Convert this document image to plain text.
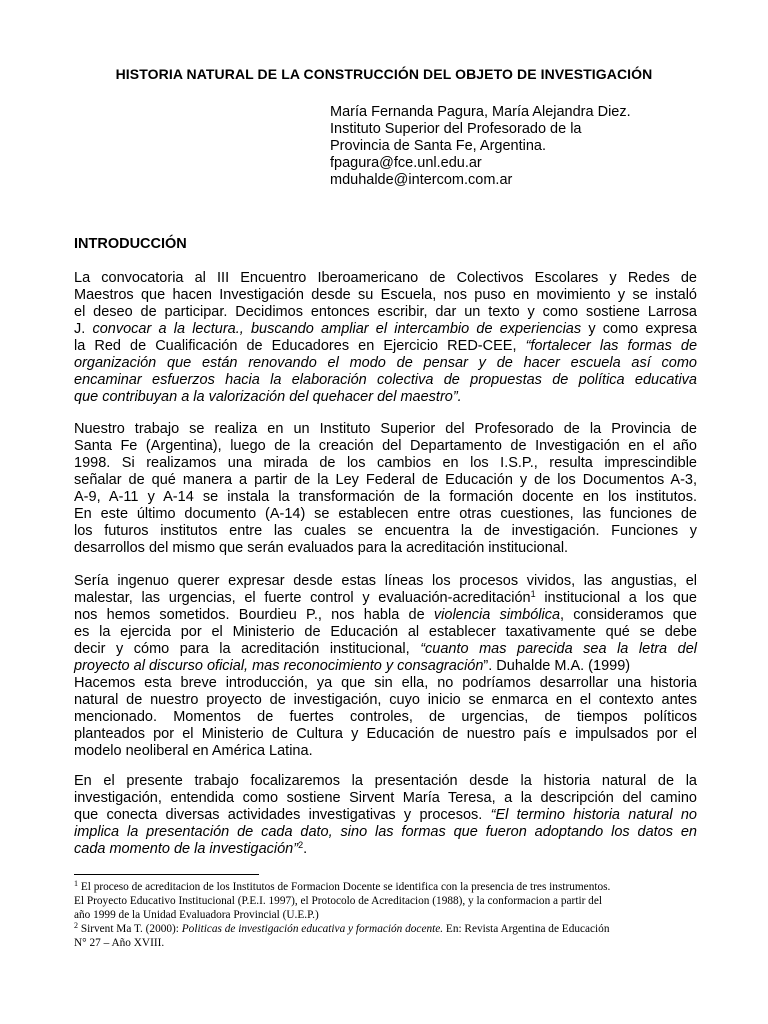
HISTORIA NATURAL DE LA CONSTRUCCIÓN DEL OBJETO DE INVESTIGACIÓN
María Fernanda Pagura, María Alejandra Diez.
Instituto Superior del Profesorado de la
Provincia de Santa Fe, Argentina.
fpagura@fce.unl.edu.ar
mduhalde@intercom.com.ar
INTRODUCCIÓN
La convocatoria al III Encuentro Iberoamericano de Colectivos Escolares y Redes de
Maestros que hacen Investigación desde su Escuela, nos puso en movimiento y se instaló
el deseo de participar. Decidimos entonces escribir, dar un texto y como sostiene Larrosa
J. convocar a la lectura., buscando ampliar el intercambio de experiencias y como expresa
la Red de Cualificación de Educadores en Ejercicio RED-CEE, “fortalecer las formas de
organización que están renovando el modo de pensar y de hacer escuela así como
encaminar esfuerzos hacia la elaboración colectiva de propuestas de política educativa
que contribuyan a la valorización del quehacer del maestro”.
Nuestro trabajo se realiza en un Instituto Superior del Profesorado de la Provincia de
Santa Fe (Argentina), luego de la creación del Departamento de Investigación en el año
1998. Si realizamos una mirada de los cambios en los I.S.P., resulta imprescindible
señalar de qué manera a partir de la Ley Federal de Educación y de los Documentos A-3,
A-9, A-11 y A-14 se instala la transformación de la formación docente en los institutos.
En este último documento (A-14) se establecen entre otras cuestiones, las funciones de
los futuros institutos entre las cuales se encuentra la de investigación. Funciones y
desarrollos del mismo que serán evaluados para la acreditación institucional.
Sería ingenuo querer expresar desde estas líneas los procesos vividos, las angustias, el
malestar, las urgencias, el fuerte control y evaluación-acreditación$^1$ institucional a los que
nos hemos sometidos. Bourdieu P., nos habla de violencia simbólica, consideramos que
es la ejercida por el Ministerio de Educación al establecer taxativamente qué se debe
decir y cómo para la acreditación institucional, “cuanto mas parecida sea la letra del
proyecto al discurso oficial, mas reconocimiento y consagración”. Duhalde M.A. (1999)
Hacemos esta breve introducción, ya que sin ella, no podríamos desarrollar una historia
natural de nuestro proyecto de investigación, cuyo inicio se enmarca en el contexto antes
mencionado. Momentos de fuertes controles, de urgencias, de tiempos políticos
planteados por el Ministerio de Cultura y Educación de nuestro país e impulsados por el
modelo neoliberal en América Latina.
En el presente trabajo focalizaremos la presentación desde la historia natural de la
investigación, entendida como sostiene Sirvent María Teresa, a la descripción del camino
que conecta diversas actividades investigativas y procesos. “El termino historia natural no
implica la presentación de cada dato, sino las formas que fueron adoptando los datos en
cada momento de la investigación”$^2$.
$^1$ El proceso de acreditacion de los Institutos de Formacion Docente se identifica con la presencia de tres instrumentos.
El Proyecto Educativo Institucional (P.E.I. 1997), el Protocolo de Acreditacion (1988), y la conformacion a partir del
año 1999 de la Unidad Evaluadora Provincial (U.E.P.)
$^2$ Sirvent Ma T. (2000): Politicas de investigación educativa y formación docente. En: Revista Argentina de Educación
N° 27 – Año XVIII.
